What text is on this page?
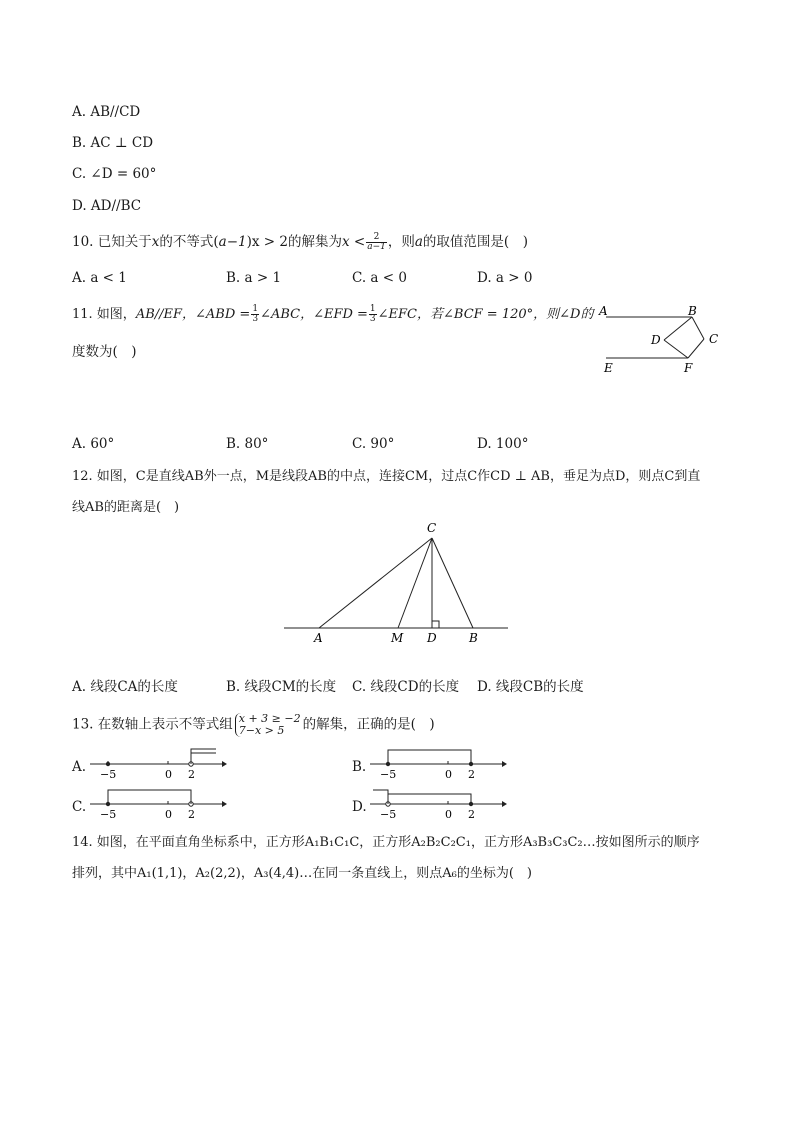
A. AB//CD
B. AC ⊥ CD
C. ∠D = 60°
D. AD//BC
10. 已知关于x的不等式(a−1)x > 2的解集为$x < \frac{2}{a-1}$ ，则a的取值范围是(　)
A. a < 1	B. a > 1	C. a < 0	D. a > 0
11. 如图，AB//EF，∠ABD = $\frac{1}{3}$ ∠ABC，∠EFD = $\frac{1}{3}$ ∠EFC，若∠BCF = 120°，则∠D的
度数为(　)
A	B
C
D
E	F
A. 60°	B. 80°	C. 90°	D. 100°
12. 如图，C是直线AB外一点，M是线段AB的中点，连接CM，过点C作CD ⊥ AB，垂足为点D，则点C到直
线AB的距离是(　)
C
A	M D	B
A. 线段CA的长度	B. 线段CM的长度 C. 线段CD的长度 D. 线段CB的长度
13. 在数轴上表示不等式组 x + 3 ≥ −2
7−x > 5	的解集，正确的是(　)
A. −5	0 2	B. −5	0 2
C. −5	0 2	D. −5	0 2
14. 如图，在平面直角坐标系中，正方形A₁B₁C₁C，正方形A₂B₂C₂C₁，正方形A₃B₃C₃C₂…按如图所示的顺序
排列，其中A₁(1,1)，A₂(2,2)，A₃(4,4)…在同一条直线上，则点A₆的坐标为(　)
